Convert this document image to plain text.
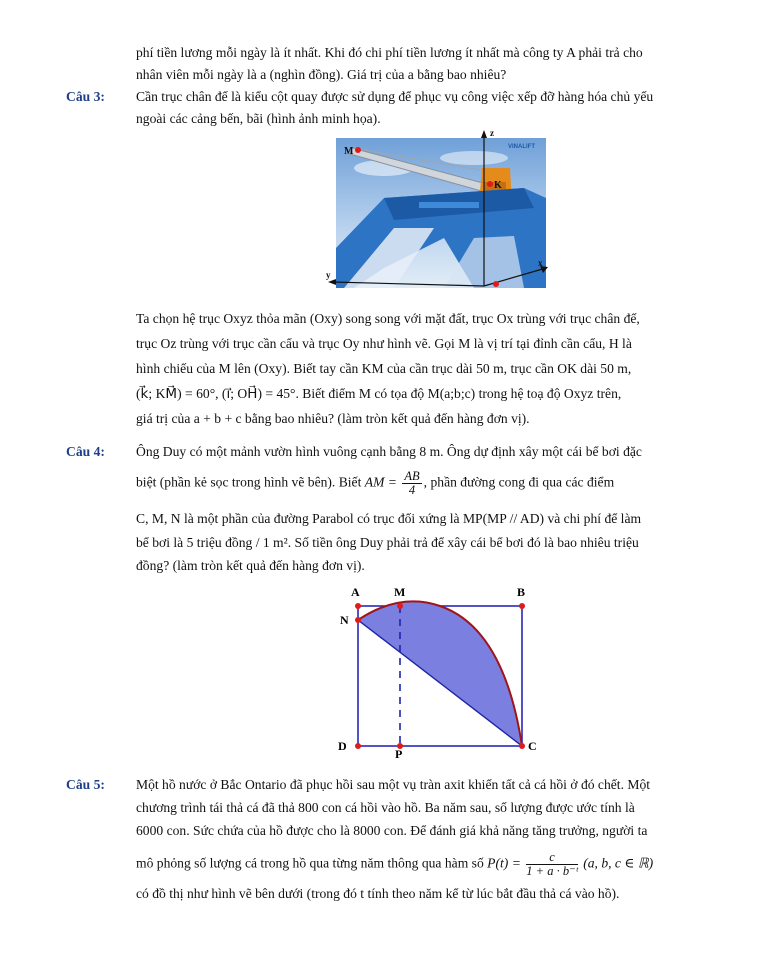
phí tiền lương mỗi ngày là ít nhất. Khi đó chi phí tiền lương ít nhất mà công ty A phải trả cho
nhân viên mỗi ngày là a (nghìn đồng). Giá trị của a bằng bao nhiêu?
Câu 3: Cần trục chân đế là kiểu cột quay được sử dụng để phục vụ công việc xếp đỡ hàng hóa chủ yếu
ngoài các cảng bến, bãi (hình ảnh minh họa).
M
K
z
x
y
VINALIFT
Ta chọn hệ trục Oxyz thỏa mãn (Oxy) song song với mặt đất, trục Ox trùng với trục chân đế,
trục Oz trùng với trục cần cẩu và trục Oy như hình vẽ. Gọi M là vị trí tại đỉnh cần cẩu, H là
hình chiếu của M lên (Oxy). Biết tay cần KM của cần trục dài 50 m, trục cần OK dài 50 m,
(k⃗; KM⃗) = 60°, (i⃗; OH⃗) = 45°. Biết điểm M có tọa độ M(a;b;c) trong hệ toạ độ Oxyz trên,
giá trị của a + b + c bằng bao nhiêu? (làm tròn kết quả đến hàng đơn vị).
Câu 4: Ông Duy có một mảnh vườn hình vuông cạnh bằng 8 m. Ông dự định xây một cái bể bơi đặc
biệt (phần kẻ sọc trong hình vẽ bên). Biết AM = $\frac{AB}{4}$ , phần đường cong đi qua các điểm
C, M, N là một phần của đường Parabol có trục đối xứng là MP(MP // AD) và chi phí để làm
bể bơi là 5 triệu đồng / 1 m². Số tiền ông Duy phải trả để xây cái bể bơi đó là bao nhiêu triệu
đồng? (làm tròn kết quả đến hàng đơn vị).
A	M	B
N
D
P
C
Câu 5: Một hồ nước ở Bắc Ontario đã phục hồi sau một vụ tràn axit khiến tất cả cá hồi ở đó chết. Một
chương trình tái thả cá đã thả 800 con cá hồi vào hồ. Ba năm sau, số lượng được ước tính là
6000 con. Sức chứa của hồ được cho là 8000 con. Để đánh giá khả năng tăng trưởng, người ta
mô phỏng số lượng cá trong hồ qua từng năm thông qua hàm số $P(t) = \frac{c}{\text{1 + a · b⁻ᵗ}} (a$, b, c ∈ ℝ)
có đồ thị như hình vẽ bên dưới (trong đó t tính theo năm kể từ lúc bắt đầu thả cá vào hồ).
